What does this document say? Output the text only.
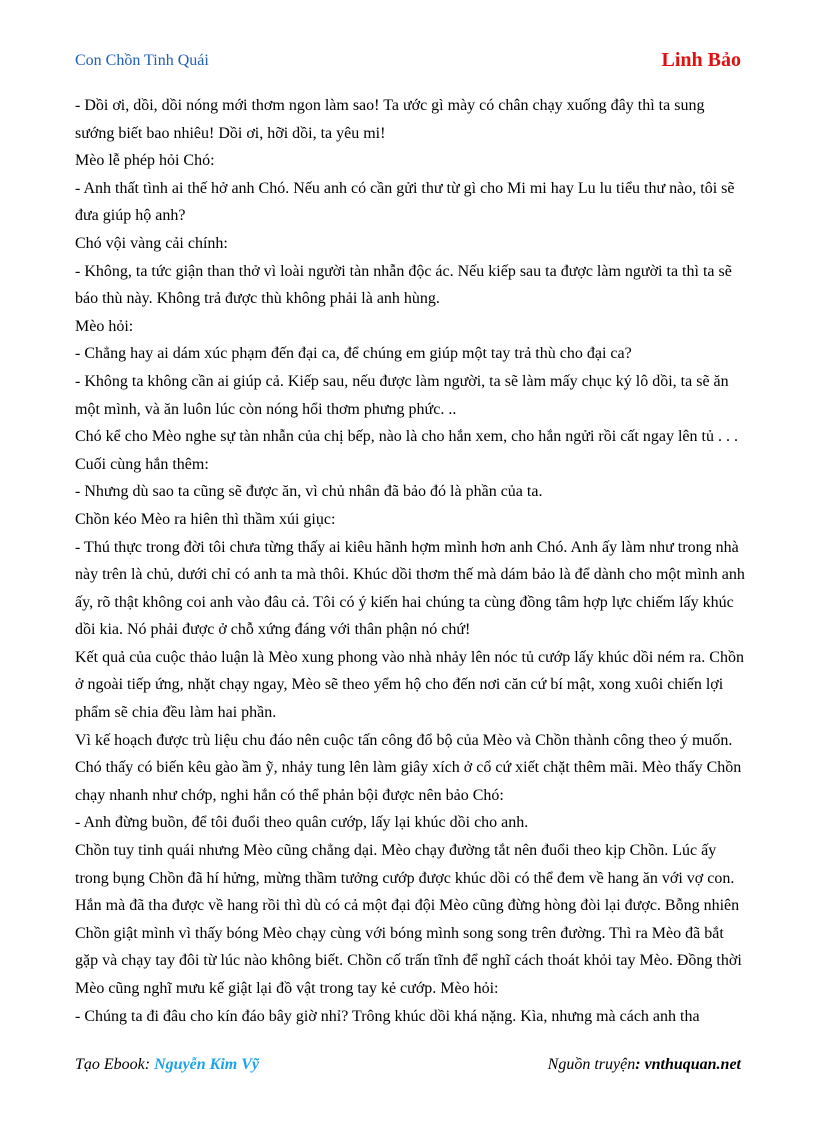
Con Chồn Tinh Quái	Linh Bảo

- Dồi ơi, dồi, dồi nóng mới thơm ngon làm sao! Ta ước gì mày có chân chạy xuống đây thì ta sung sướng biết bao nhiêu! Dồi ơi, hỡi dồi, ta yêu mi!

Mèo lễ phép hỏi Chó:

- Anh thất tình ai thế hở anh Chó. Nếu anh có cần gửi thư từ gì cho Mi mi hay Lu lu tiểu thư nào, tôi sẽ đưa giúp hộ anh?

Chó vội vàng cải chính:

- Không, ta tức giận than thở vì loài người tàn nhẫn độc ác. Nếu kiếp sau ta được làm người ta thì ta sẽ báo thù này. Không trả được thù không phải là anh hùng.

Mèo hỏi:

- Chẳng hay ai dám xúc phạm đến đại ca, để chúng em giúp một tay trả thù cho đại ca?

- Không ta không cần ai giúp cả. Kiếp sau, nếu được làm người, ta sẽ làm mấy chục ký lô dồi, ta sẽ ăn một mình, và ăn luôn lúc còn nóng hổi thơm phưng phức. ..

Chó kể cho Mèo nghe sự tàn nhẫn của chị bếp, nào là cho hắn xem, cho hắn ngửi rồi cất ngay lên tủ . . . Cuối cùng hắn thêm:

- Nhưng dù sao ta cũng sẽ được ăn, vì chủ nhân đã bảo đó là phần của ta.

Chồn kéo Mèo ra hiên thì thầm xúi giục:

- Thú thực trong đời tôi chưa từng thấy ai kiêu hãnh hợm mình hơn anh Chó. Anh ấy làm như trong nhà này trên là chủ, dưới chỉ có anh ta mà thôi. Khúc dồi thơm thế mà dám bảo là để dành cho một mình anh ấy, rõ thật không coi anh vào đâu cả. Tôi có ý kiến hai chúng ta cùng đồng tâm hợp lực chiếm lấy khúc dồi kia. Nó phải được ở chỗ xứng đáng với thân phận nó chứ!

Kết quả của cuộc thảo luận là Mèo xung phong vào nhà nhảy lên nóc tủ cướp lấy khúc dồi ném ra. Chồn ở ngoài tiếp ứng, nhặt chạy ngay, Mèo sẽ theo yểm hộ cho đến nơi căn cứ bí mật, xong xuôi chiến lợi phẩm sẽ chia đều làm hai phần.

Vì kế hoạch được trù liệu chu đáo nên cuộc tấn công đổ bộ của Mèo và Chồn thành công theo ý muốn. Chó thấy có biến kêu gào ầm ỹ, nhảy tung lên làm giây xích ở cổ cứ xiết chặt thêm mãi. Mèo thấy Chồn chạy nhanh như chớp, nghi hắn có thể phản bội được nên bảo Chó:

- Anh đừng buồn, để tôi đuổi theo quân cướp, lấy lại khúc dồi cho anh.

Chồn tuy tinh quái nhưng Mèo cũng chẳng dại. Mèo chạy đường tắt nên đuổi theo kịp Chồn. Lúc ấy trong bụng Chồn đã hí hửng, mừng thầm tưởng cướp được khúc dồi có thể đem về hang ăn với vợ con. Hắn mà đã tha được về hang rồi thì dù có cả một đại đội Mèo cũng đừng hòng đòi lại được. Bỗng nhiên Chồn giật mình vì thấy bóng Mèo chạy cùng với bóng mình song song trên đường. Thì ra Mèo đã bắt gặp và chạy tay đôi từ lúc nào không biết. Chồn cố trấn tĩnh để nghĩ cách thoát khỏi tay Mèo. Đồng thời Mèo cũng nghĩ mưu kế giật lại đồ vật trong tay kẻ cướp. Mèo hỏi:

- Chúng ta đi đâu cho kín đáo bây giờ nhỉ? Trông khúc dồi khá nặng. Kìa, nhưng mà cách anh tha

Tạo Ebook: Nguyễn Kim Vỹ	Nguồn truyện: vnthuquan.net
